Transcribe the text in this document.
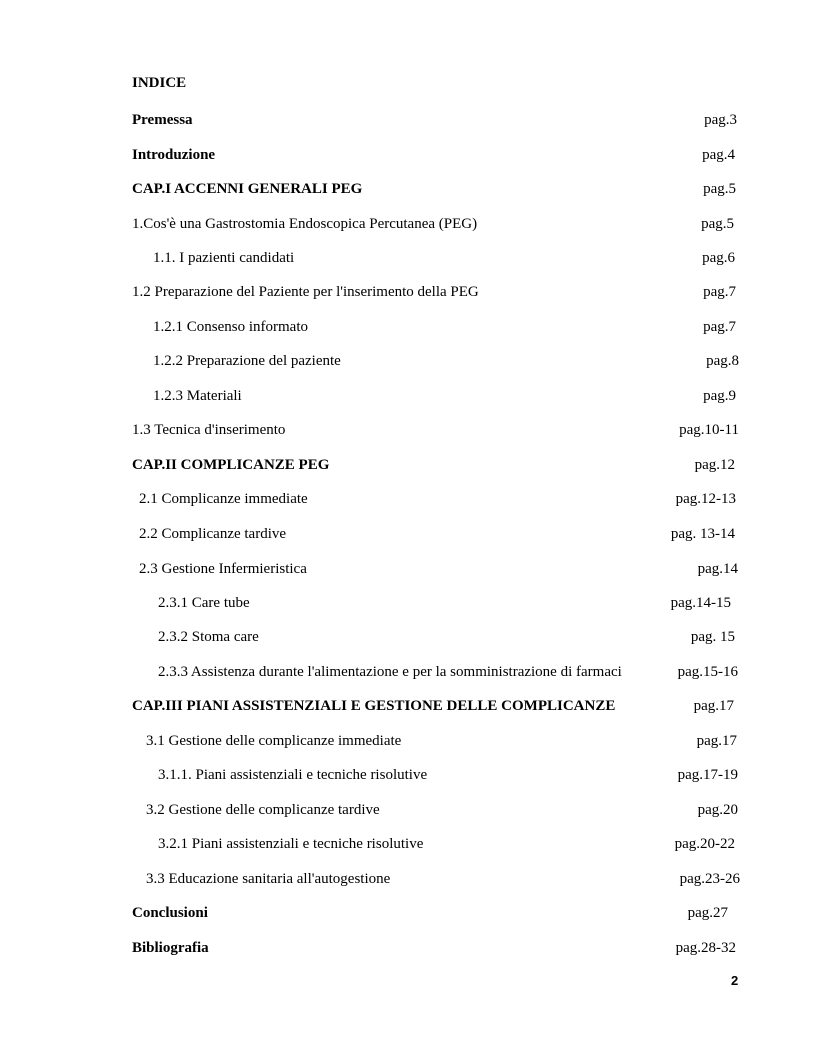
INDICE
Premessa	pag.3
Introduzione	pag.4
CAP.I ACCENNI GENERALI PEG	pag.5
1.Cos'è una Gastrostomia Endoscopica Percutanea (PEG)	pag.5
1.1. I pazienti candidati	pag.6
1.2 Preparazione del Paziente per l'inserimento della PEG	pag.7
1.2.1 Consenso informato	pag.7
1.2.2 Preparazione del paziente	pag.8
1.2.3 Materiali	pag.9
1.3 Tecnica d'inserimento	pag.10-11
CAP.II COMPLICANZE PEG	pag.12
2.1 Complicanze immediate	pag.12-13
2.2 Complicanze tardive	pag. 13-14
2.3 Gestione Infermieristica	pag.14
2.3.1 Care tube	pag.14-15
2.3.2 Stoma care	pag. 15
2.3.3 Assistenza durante l'alimentazione e per la somministrazione di farmaci	pag.15-16
CAP.III PIANI ASSISTENZIALI E GESTIONE DELLE COMPLICANZE	pag.17
3.1 Gestione delle complicanze immediate	pag.17
3.1.1. Piani assistenziali e tecniche risolutive	pag.17-19
3.2 Gestione delle complicanze tardive	pag.20
3.2.1 Piani assistenziali e tecniche risolutive	pag.20-22
3.3 Educazione sanitaria all'autogestione	pag.23-26
Conclusioni	pag.27
Bibliografia	pag.28-32
2
